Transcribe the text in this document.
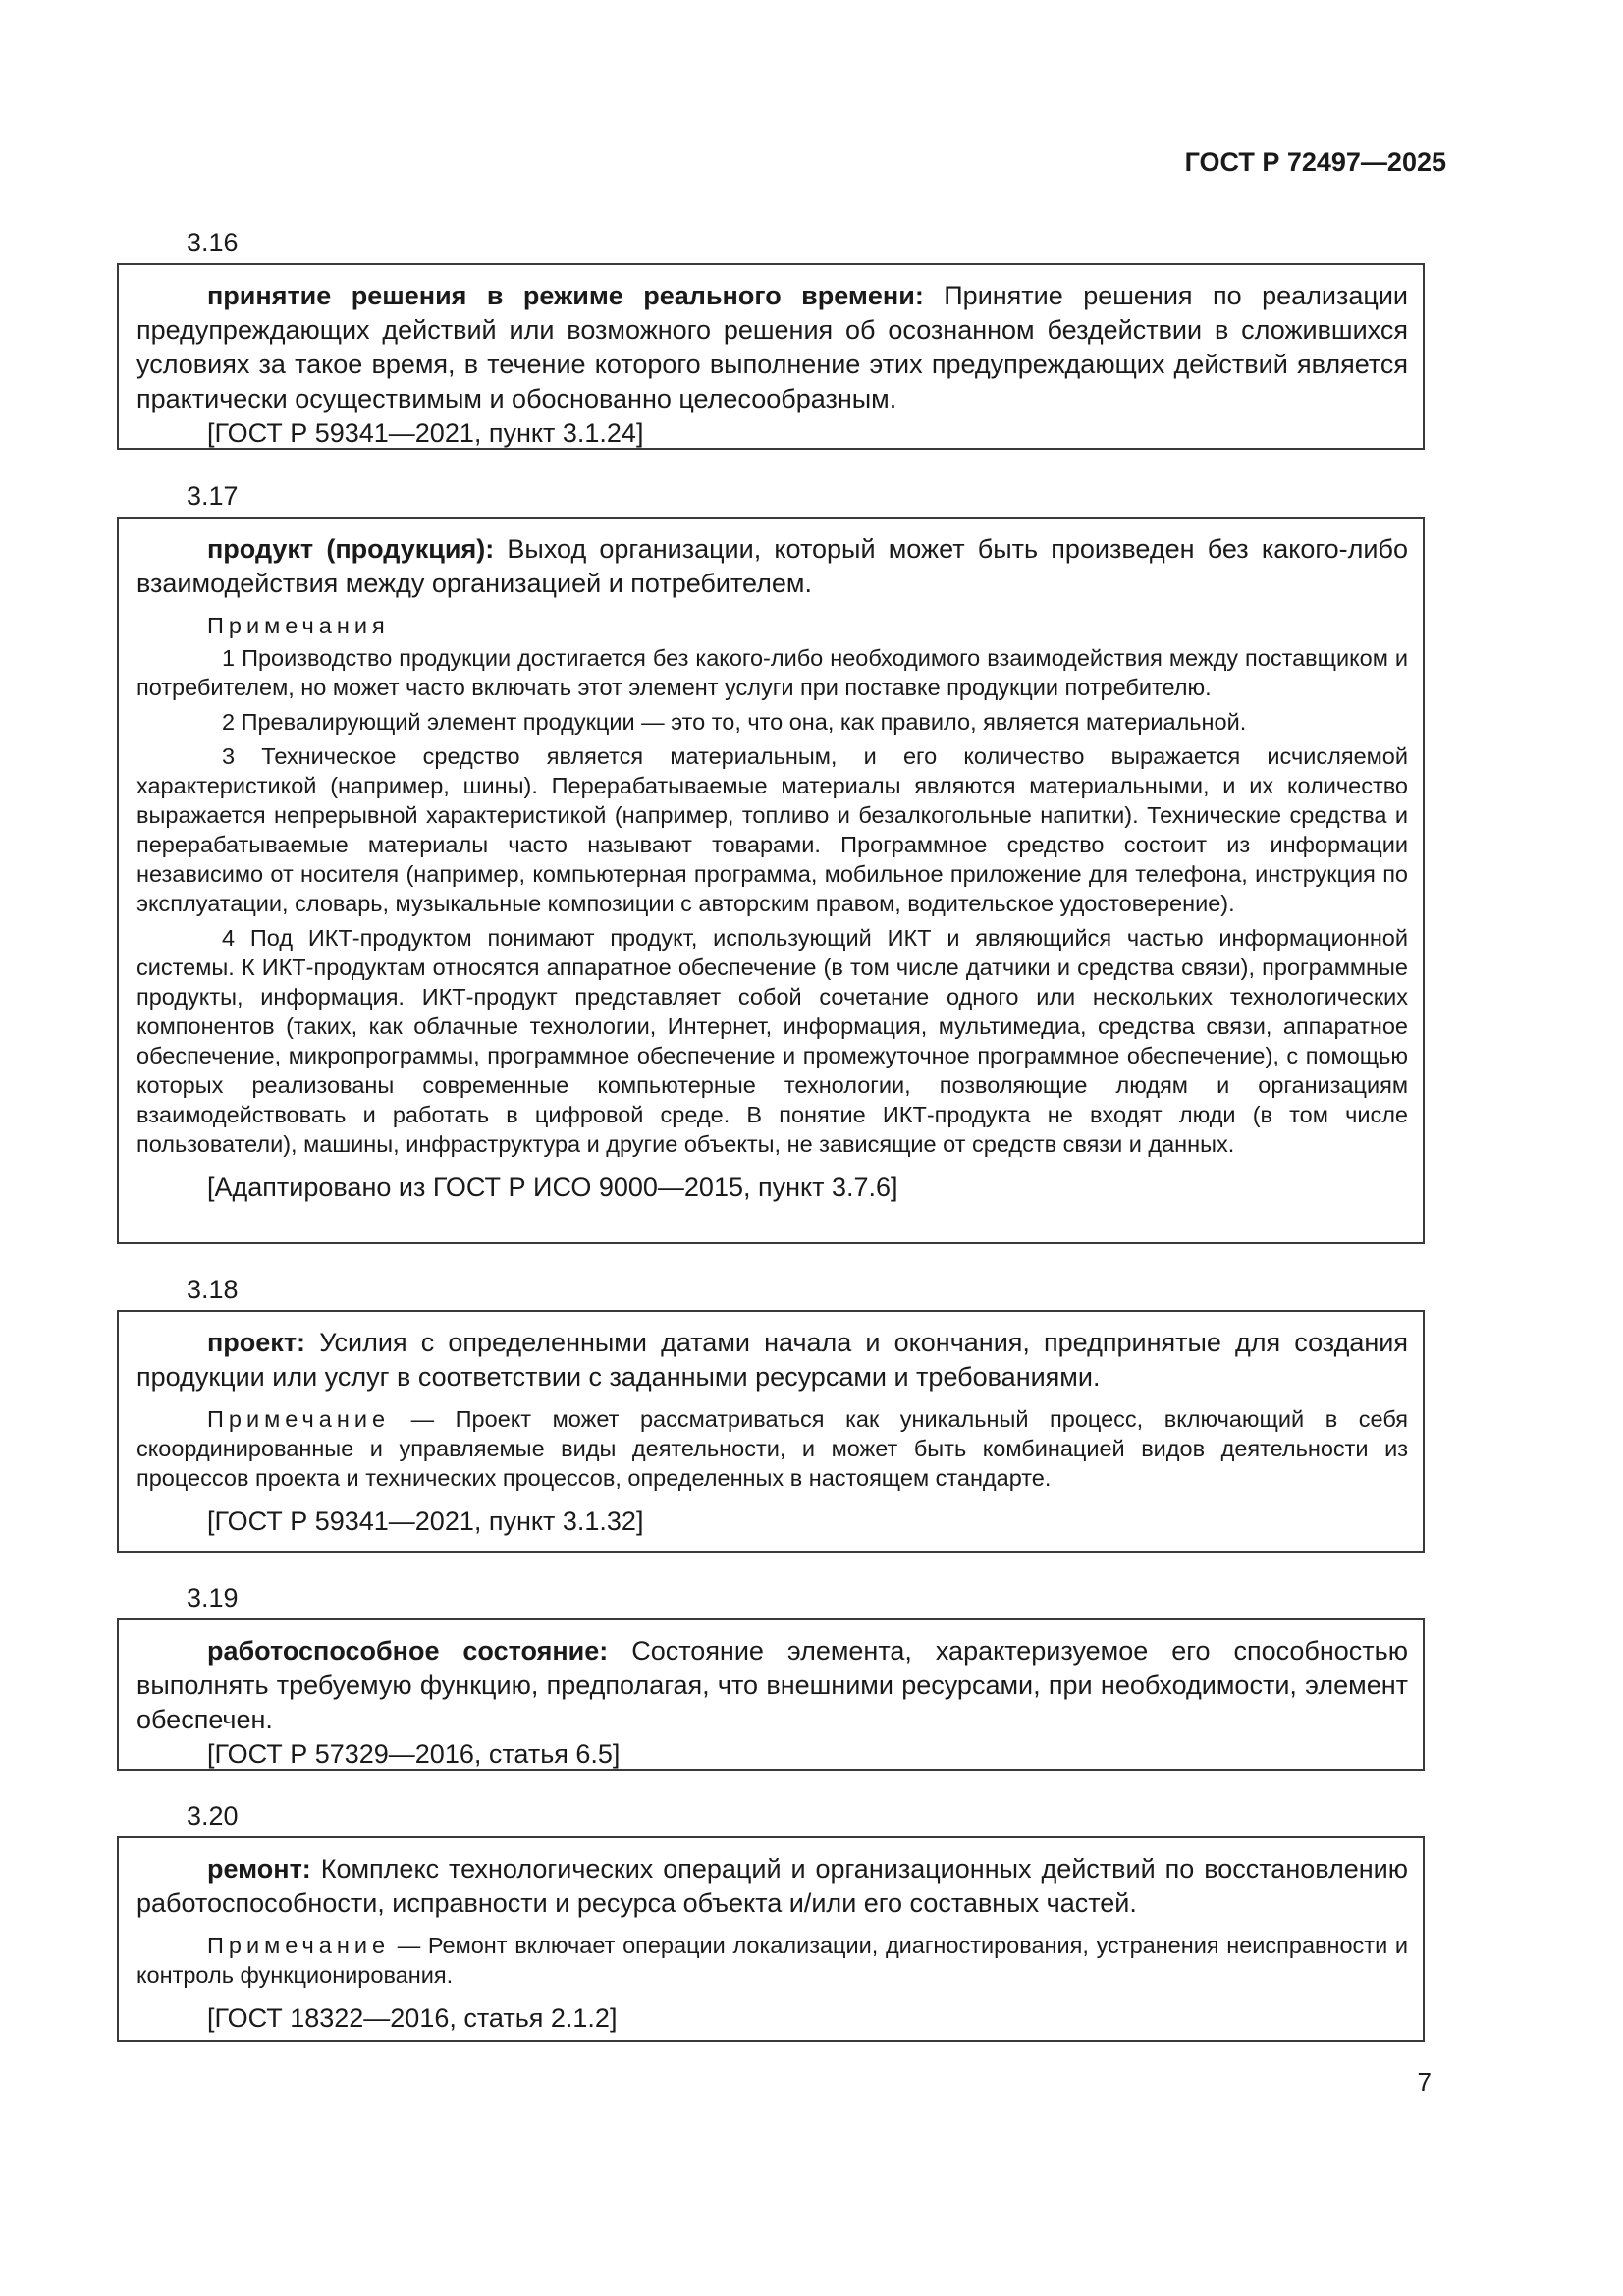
ГОСТ Р 72497—2025
3.16

принятие решения в режиме реального времени: Принятие решения по реализации предупреждающих действий или возможного решения об осознанном бездействии в сложившихся условиях за такое время, в течение которого выполнение этих предупреждающих действий является практически осуществимым и обоснованно целесообразным.

[ГОСТ Р 59341—2021, пункт 3.1.24]

3.17

продукт (продукция): Выход организации, который может быть произведен без какого-либо взаимодействия между организацией и потребителем.

Примечания

1 Производство продукции достигается без какого-либо необходимого взаимодействия между поставщиком и потребителем, но может часто включать этот элемент услуги при поставке продукции потребителю.

2 Превалирующий элемент продукции — это то, что она, как правило, является материальной.

3 Техническое средство является материальным, и его количество выражается исчисляемой характеристикой (например, шины). Перерабатываемые материалы являются материальными, и их количество выражается непрерывной характеристикой (например, топливо и безалкогольные напитки). Технические средства и перерабатываемые материалы часто называют товарами. Программное средство состоит из информации независимо от носителя (например, компьютерная программа, мобильное приложение для телефона, инструкция по эксплуатации, словарь, музыкальные композиции с авторским правом, водительское удостоверение).

4 Под ИКТ-продуктом понимают продукт, использующий ИКТ и являющийся частью информационной системы. К ИКТ-продуктам относятся аппаратное обеспечение (в том числе датчики и средства связи), программные продукты, информация. ИКТ-продукт представляет собой сочетание одного или нескольких технологических компонентов (таких, как облачные технологии, Интернет, информация, мультимедиа, средства связи, аппаратное обеспечение, микропрограммы, программное обеспечение и промежуточное программное обеспечение), с помощью которых реализованы современные компьютерные технологии, позволяющие людям и организациям взаимодействовать и работать в цифровой среде. В понятие ИКТ-продукта не входят люди (в том числе пользователи), машины, инфраструктура и другие объекты, не зависящие от средств связи и данных.

[Адаптировано из ГОСТ Р ИСО 9000—2015, пункт 3.7.6]

3.18

проект: Усилия с определенными датами начала и окончания, предпринятые для создания продукции или услуг в соответствии с заданными ресурсами и требованиями.

Примечание — Проект может рассматриваться как уникальный процесс, включающий в себя скоординированные и управляемые виды деятельности, и может быть комбинацией видов деятельности из процессов проекта и технических процессов, определенных в настоящем стандарте.

[ГОСТ Р 59341—2021, пункт 3.1.32]

3.19

работоспособное состояние: Состояние элемента, характеризуемое его способностью выполнять требуемую функцию, предполагая, что внешними ресурсами, при необходимости, элемент обеспечен.

[ГОСТ Р 57329—2016, статья 6.5]

3.20

ремонт: Комплекс технологических операций и организационных действий по восстановлению работоспособности, исправности и ресурса объекта и/или его составных частей.

Примечание — Ремонт включает операции локализации, диагностирования, устранения неисправности и контроль функционирования.

[ГОСТ 18322—2016, статья 2.1.2]

7
